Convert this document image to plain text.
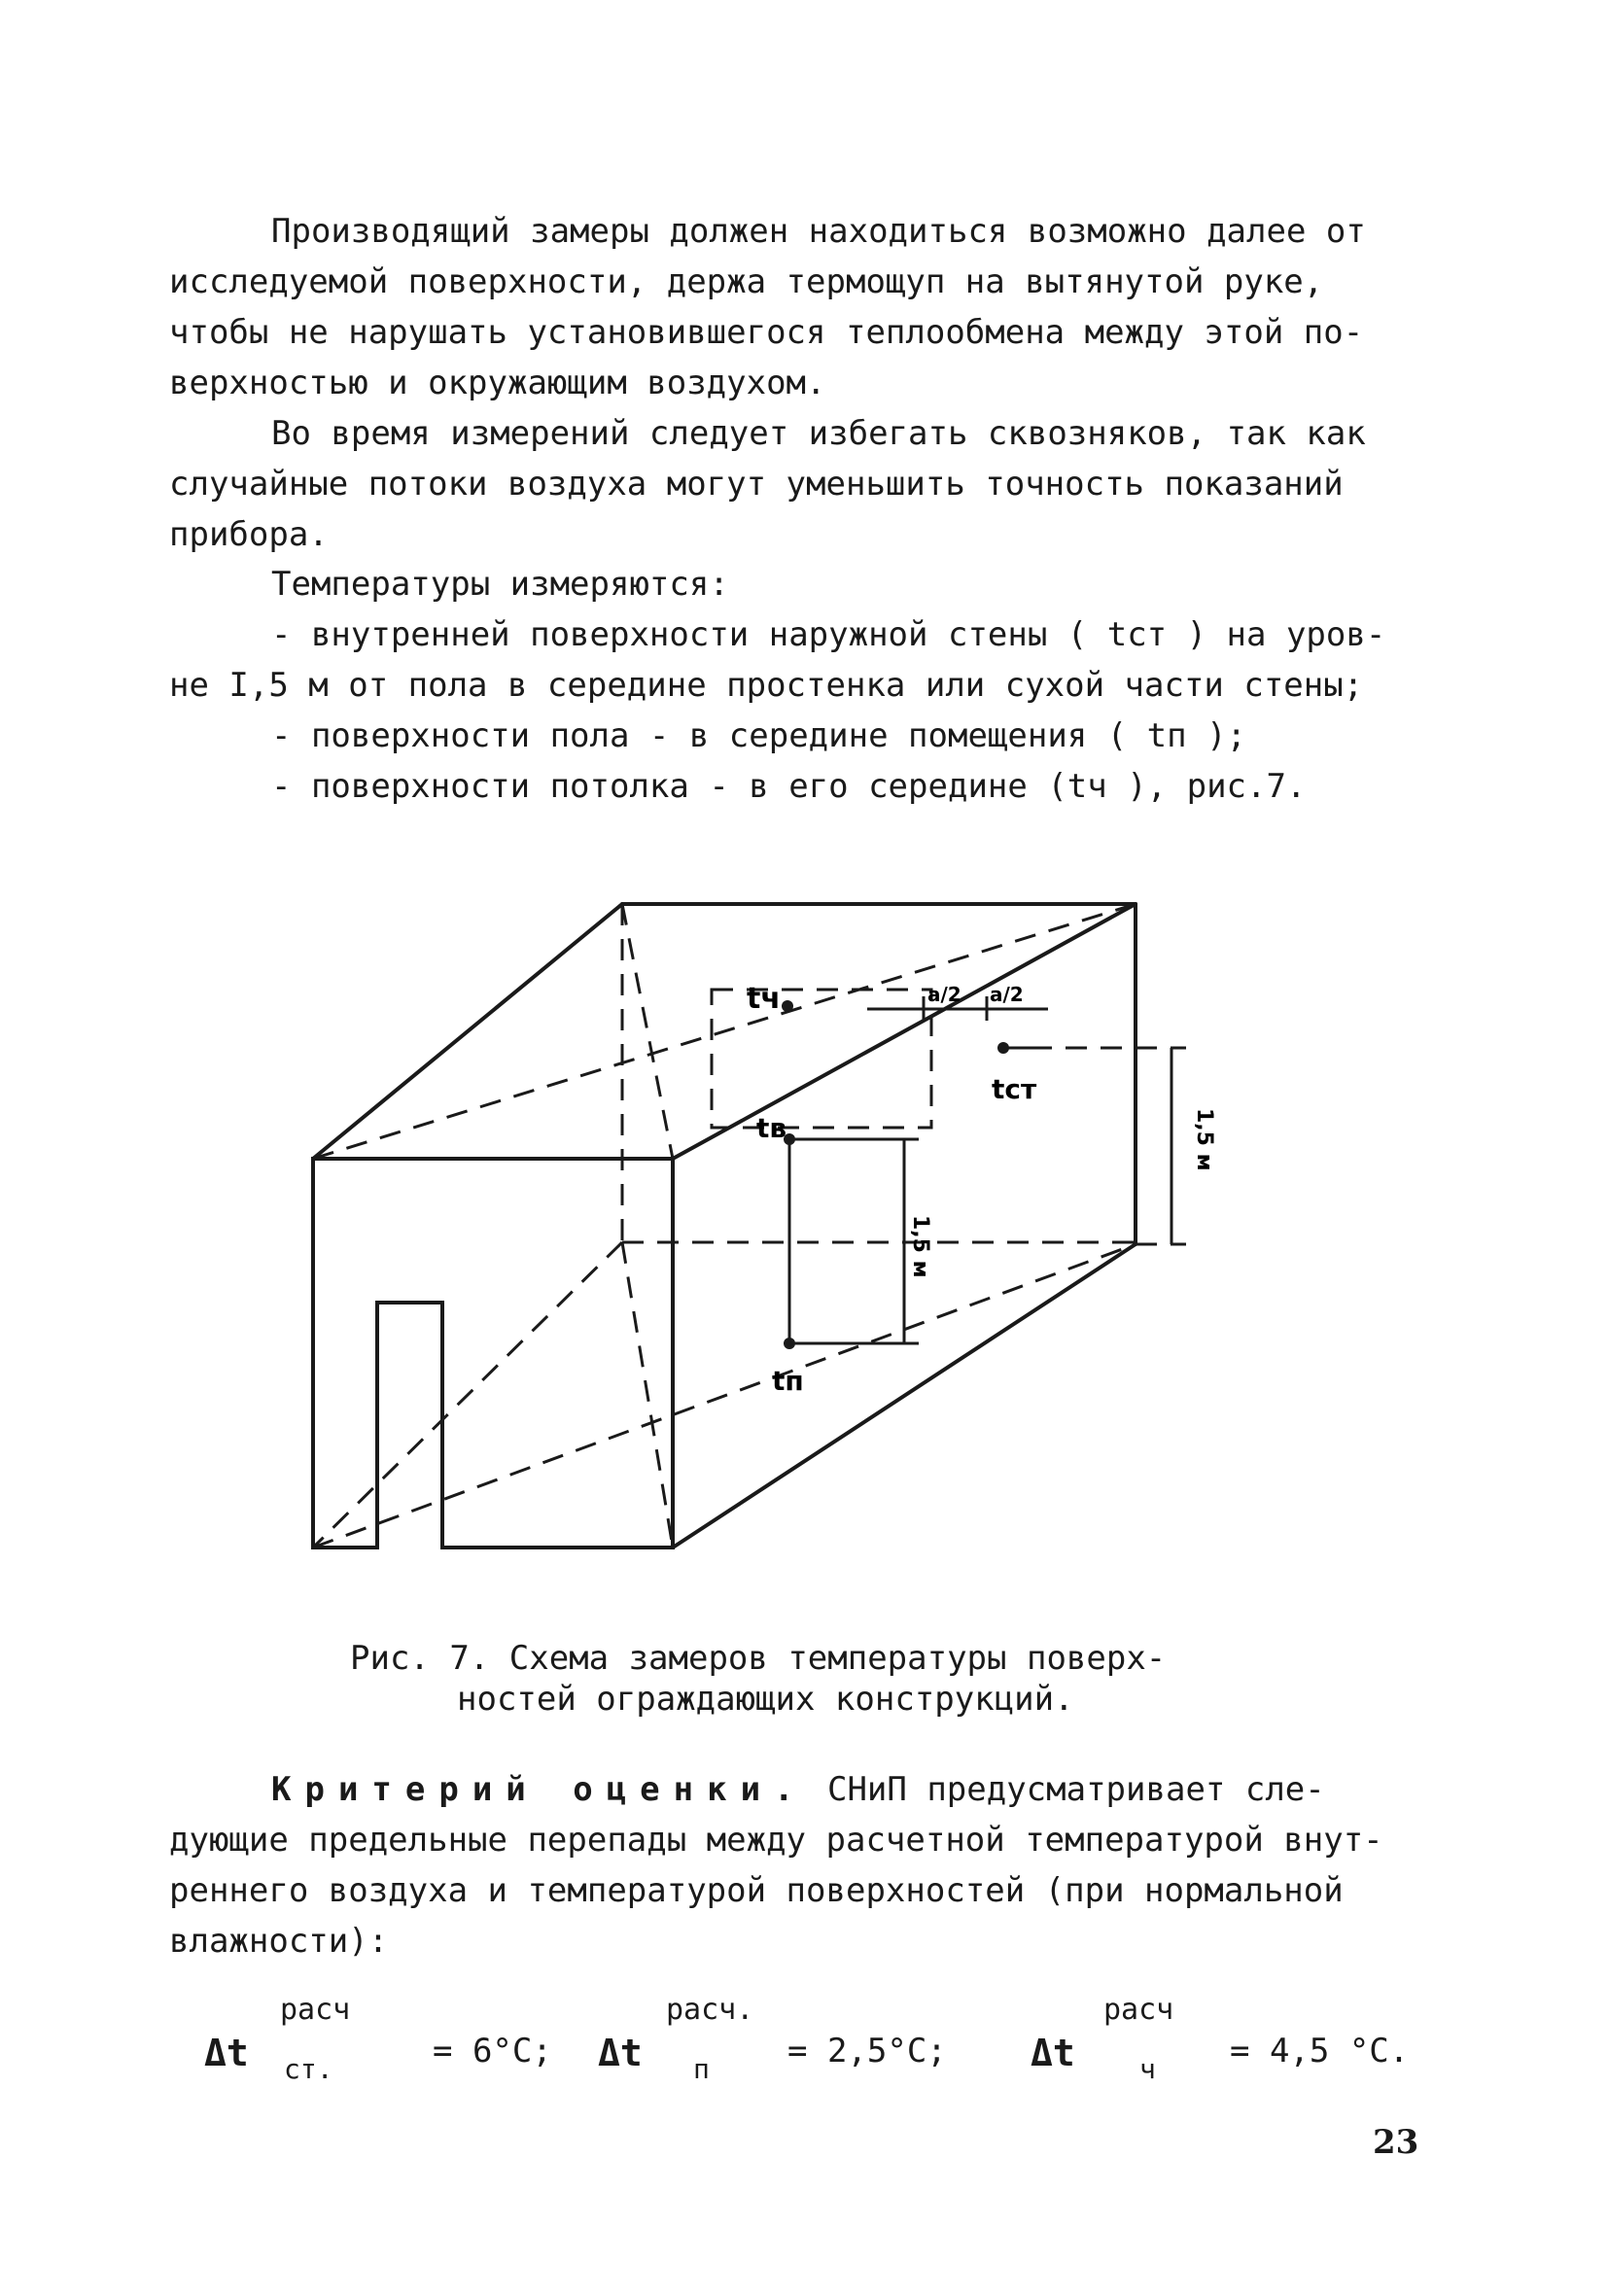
Производящий замеры должен находиться возможно далее от

исследуемой поверхности, держа термощуп на вытянутой руке,

чтобы не нарушать установившегося теплообмена между этой по-

верхностью и окружающим воздухом.

Во время измерений следует избегать сквозняков, так как

случайные потоки воздуха могут уменьшить точность показаний

прибора.

Температуры измеряются:

- внутренней поверхности наружной стены ( tст ) на уров-

не I,5 м от пола в середине простенка или сухой части стены;

- поверхности пола - в середине помещения ( tп );

- поверхности потолка - в его середине (tч ), рис.7.

tч
tст
tв
tп
а/2 а/2
1,5 м
1,5 м
Рис. 7. Схема замеров температуры поверх-
ностей ограждающих конструкций.

Критерий оценки. СНиП предусматривает сле-

дующие предельные перепады между расчетной температурой внут-

реннего воздуха и температурой поверхностей (при нормальной

влажности):

Δt
расч
ст.	= 6°С; Δt
расч.
п = 2,5°С; Δt
расч
ч = 4,5 °С.
23
